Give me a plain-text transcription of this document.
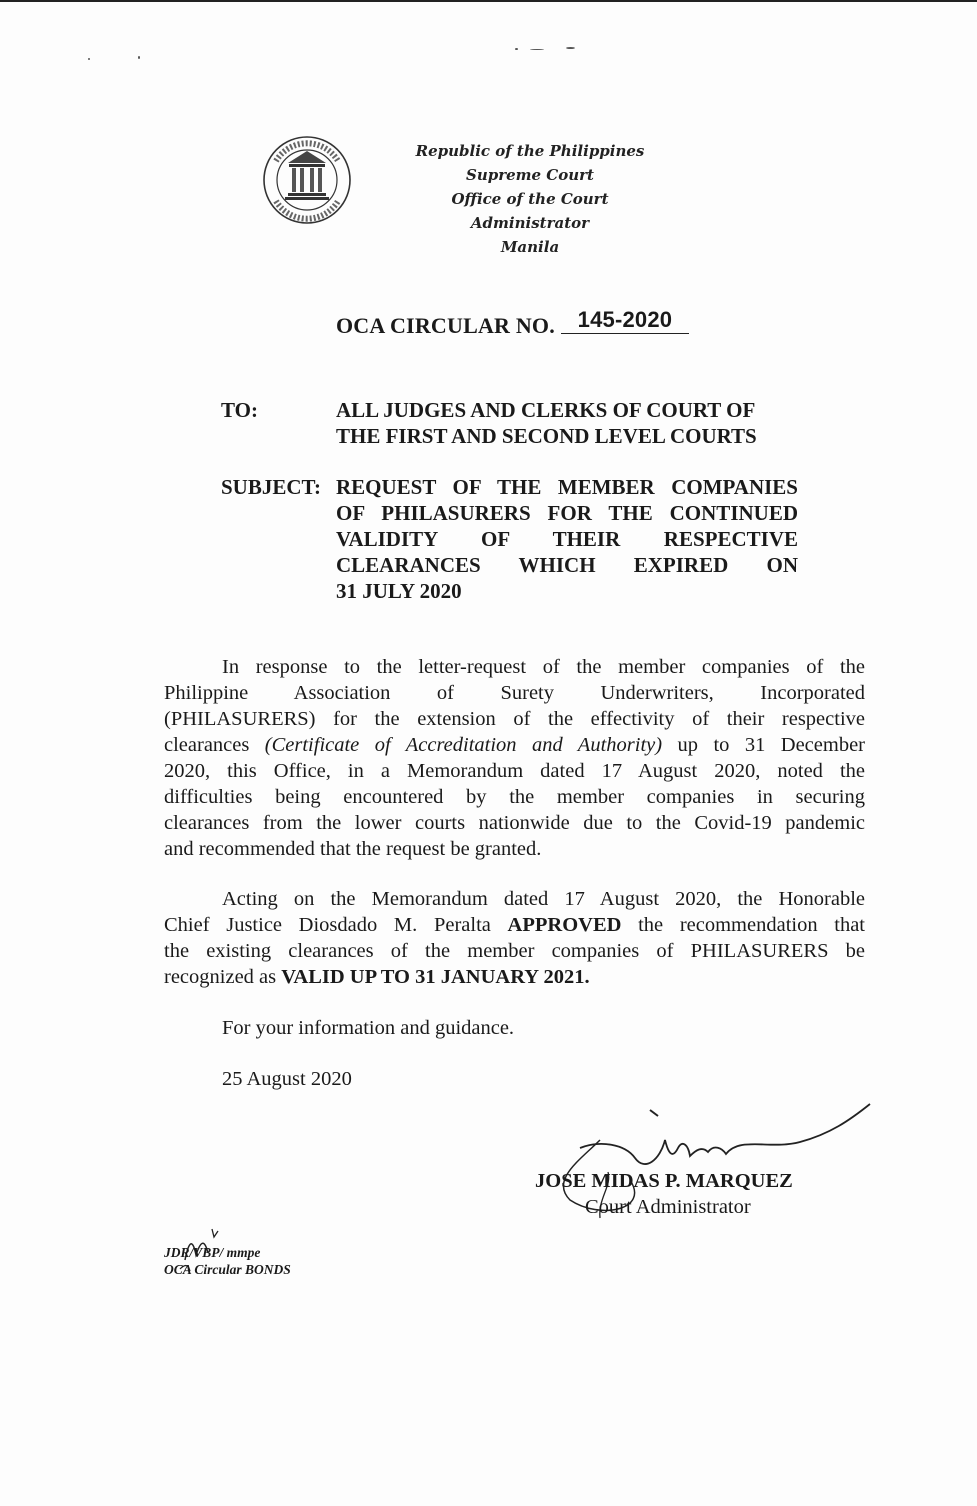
Republic of the Philippines
Supreme Court
Office of the Court Administrator
Manila
OCA CIRCULAR NO. 145-2020
TO:	ALL JUDGES AND CLERKS OF COURT OF
THE FIRST AND SECOND LEVEL COURTS
SUBJECT: REQUEST OF THE MEMBER COMPANIES
OF PHILASURERS FOR THE CONTINUED
VALIDITY OF THEIR RESPECTIVE
CLEARANCES WHICH EXPIRED ON
31 JULY 2020
In response to the letter-request of the member companies of the
Philippine Association of Surety Underwriters, Incorporated
(PHILASURERS) for the extension of the effectivity of their respective
clearances (Certificate of Accreditation and Authority) up to 31 December
2020, this Office, in a Memorandum dated 17 August 2020, noted the
difficulties being encountered by the member companies in securing
clearances from the lower courts nationwide due to the Covid-19 pandemic
and recommended that the request be granted.
Acting on the Memorandum dated 17 August 2020, the Honorable
Chief Justice Diosdado M. Peralta APPROVED the recommendation that
the existing clearances of the member companies of PHILASURERS be
recognized as VALID UP TO 31 JANUARY 2021.
For your information and guidance.
25 August 2020
JOSE MIDAS P. MARQUEZ
Court Administrator
JDR/VBP/ mmpe
OCA Circular BONDS
